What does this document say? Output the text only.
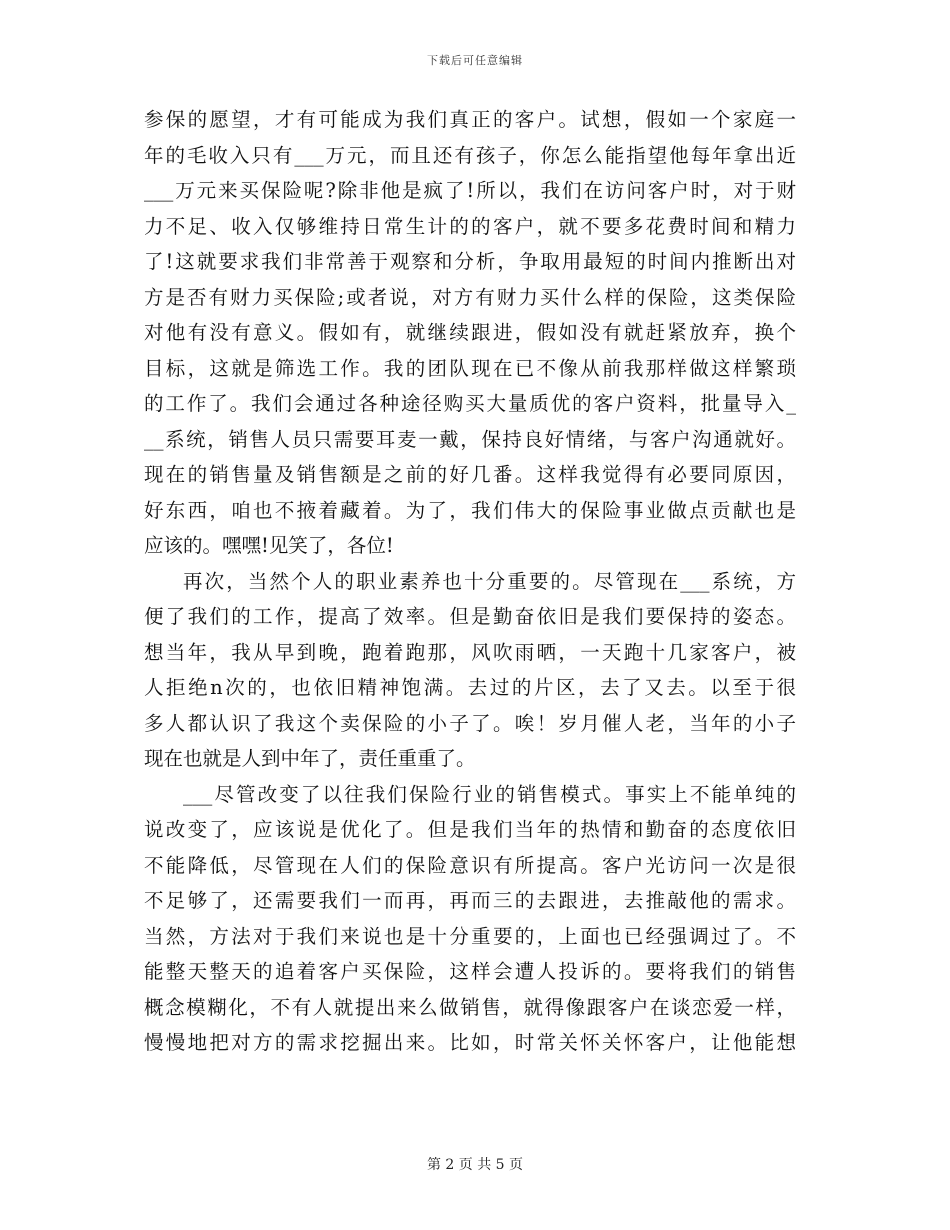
下载后可任意编辑
参保的愿望，才有可能成为我们真正的客户。试想，假如一个家庭一
年的毛收入只有___万元，而且还有孩子，你怎么能指望他每年拿出近
___万元来买保险呢?除非他是疯了!所以，我们在访问客户时，对于财
力不足、收入仅够维持日常生计的的客户，就不要多花费时间和精力
了!这就要求我们非常善于观察和分析，争取用最短的时间内推断出对
方是否有财力买保险;或者说，对方有财力买什么样的保险，这类保险
对他有没有意义。假如有，就继续跟进，假如没有就赶紧放弃，换个
目标，这就是筛选工作。我的团队现在已不像从前我那样做这样繁琐
的工作了。我们会通过各种途径购买大量质优的客户资料，批量导入_
__系统，销售人员只需要耳麦一戴，保持良好情绪，与客户沟通就好。
现在的销售量及销售额是之前的好几番。这样我觉得有必要同原因，
好东西，咱也不掖着藏着。为了，我们伟大的保险事业做点贡献也是
应该的。嘿嘿!见笑了，各位!
再次，当然个人的职业素养也十分重要的。尽管现在___系统，方
便了我们的工作，提高了效率。但是勤奋依旧是我们要保持的姿态。
想当年，我从早到晚，跑着跑那，风吹雨晒，一天跑十几家客户，被
人拒绝n次的，也依旧精神饱满。去过的片区，去了又去。以至于很
多人都认识了我这个卖保险的小子了。唉！岁月催人老，当年的小子
现在也就是人到中年了，责任重重了。
___尽管改变了以往我们保险行业的销售模式。事实上不能单纯的
说改变了，应该说是优化了。但是我们当年的热情和勤奋的态度依旧
不能降低，尽管现在人们的保险意识有所提高。客户光访问一次是很
不足够了，还需要我们一而再，再而三的去跟进，去推敲他的需求。
当然，方法对于我们来说也是十分重要的，上面也已经强调过了。不
能整天整天的追着客户买保险，这样会遭人投诉的。要将我们的销售
概念模糊化，不有人就提出来么做销售，就得像跟客户在谈恋爱一样，
慢慢地把对方的需求挖掘出来。比如，时常关怀关怀客户，让他能想
第 2 页 共 5 页
